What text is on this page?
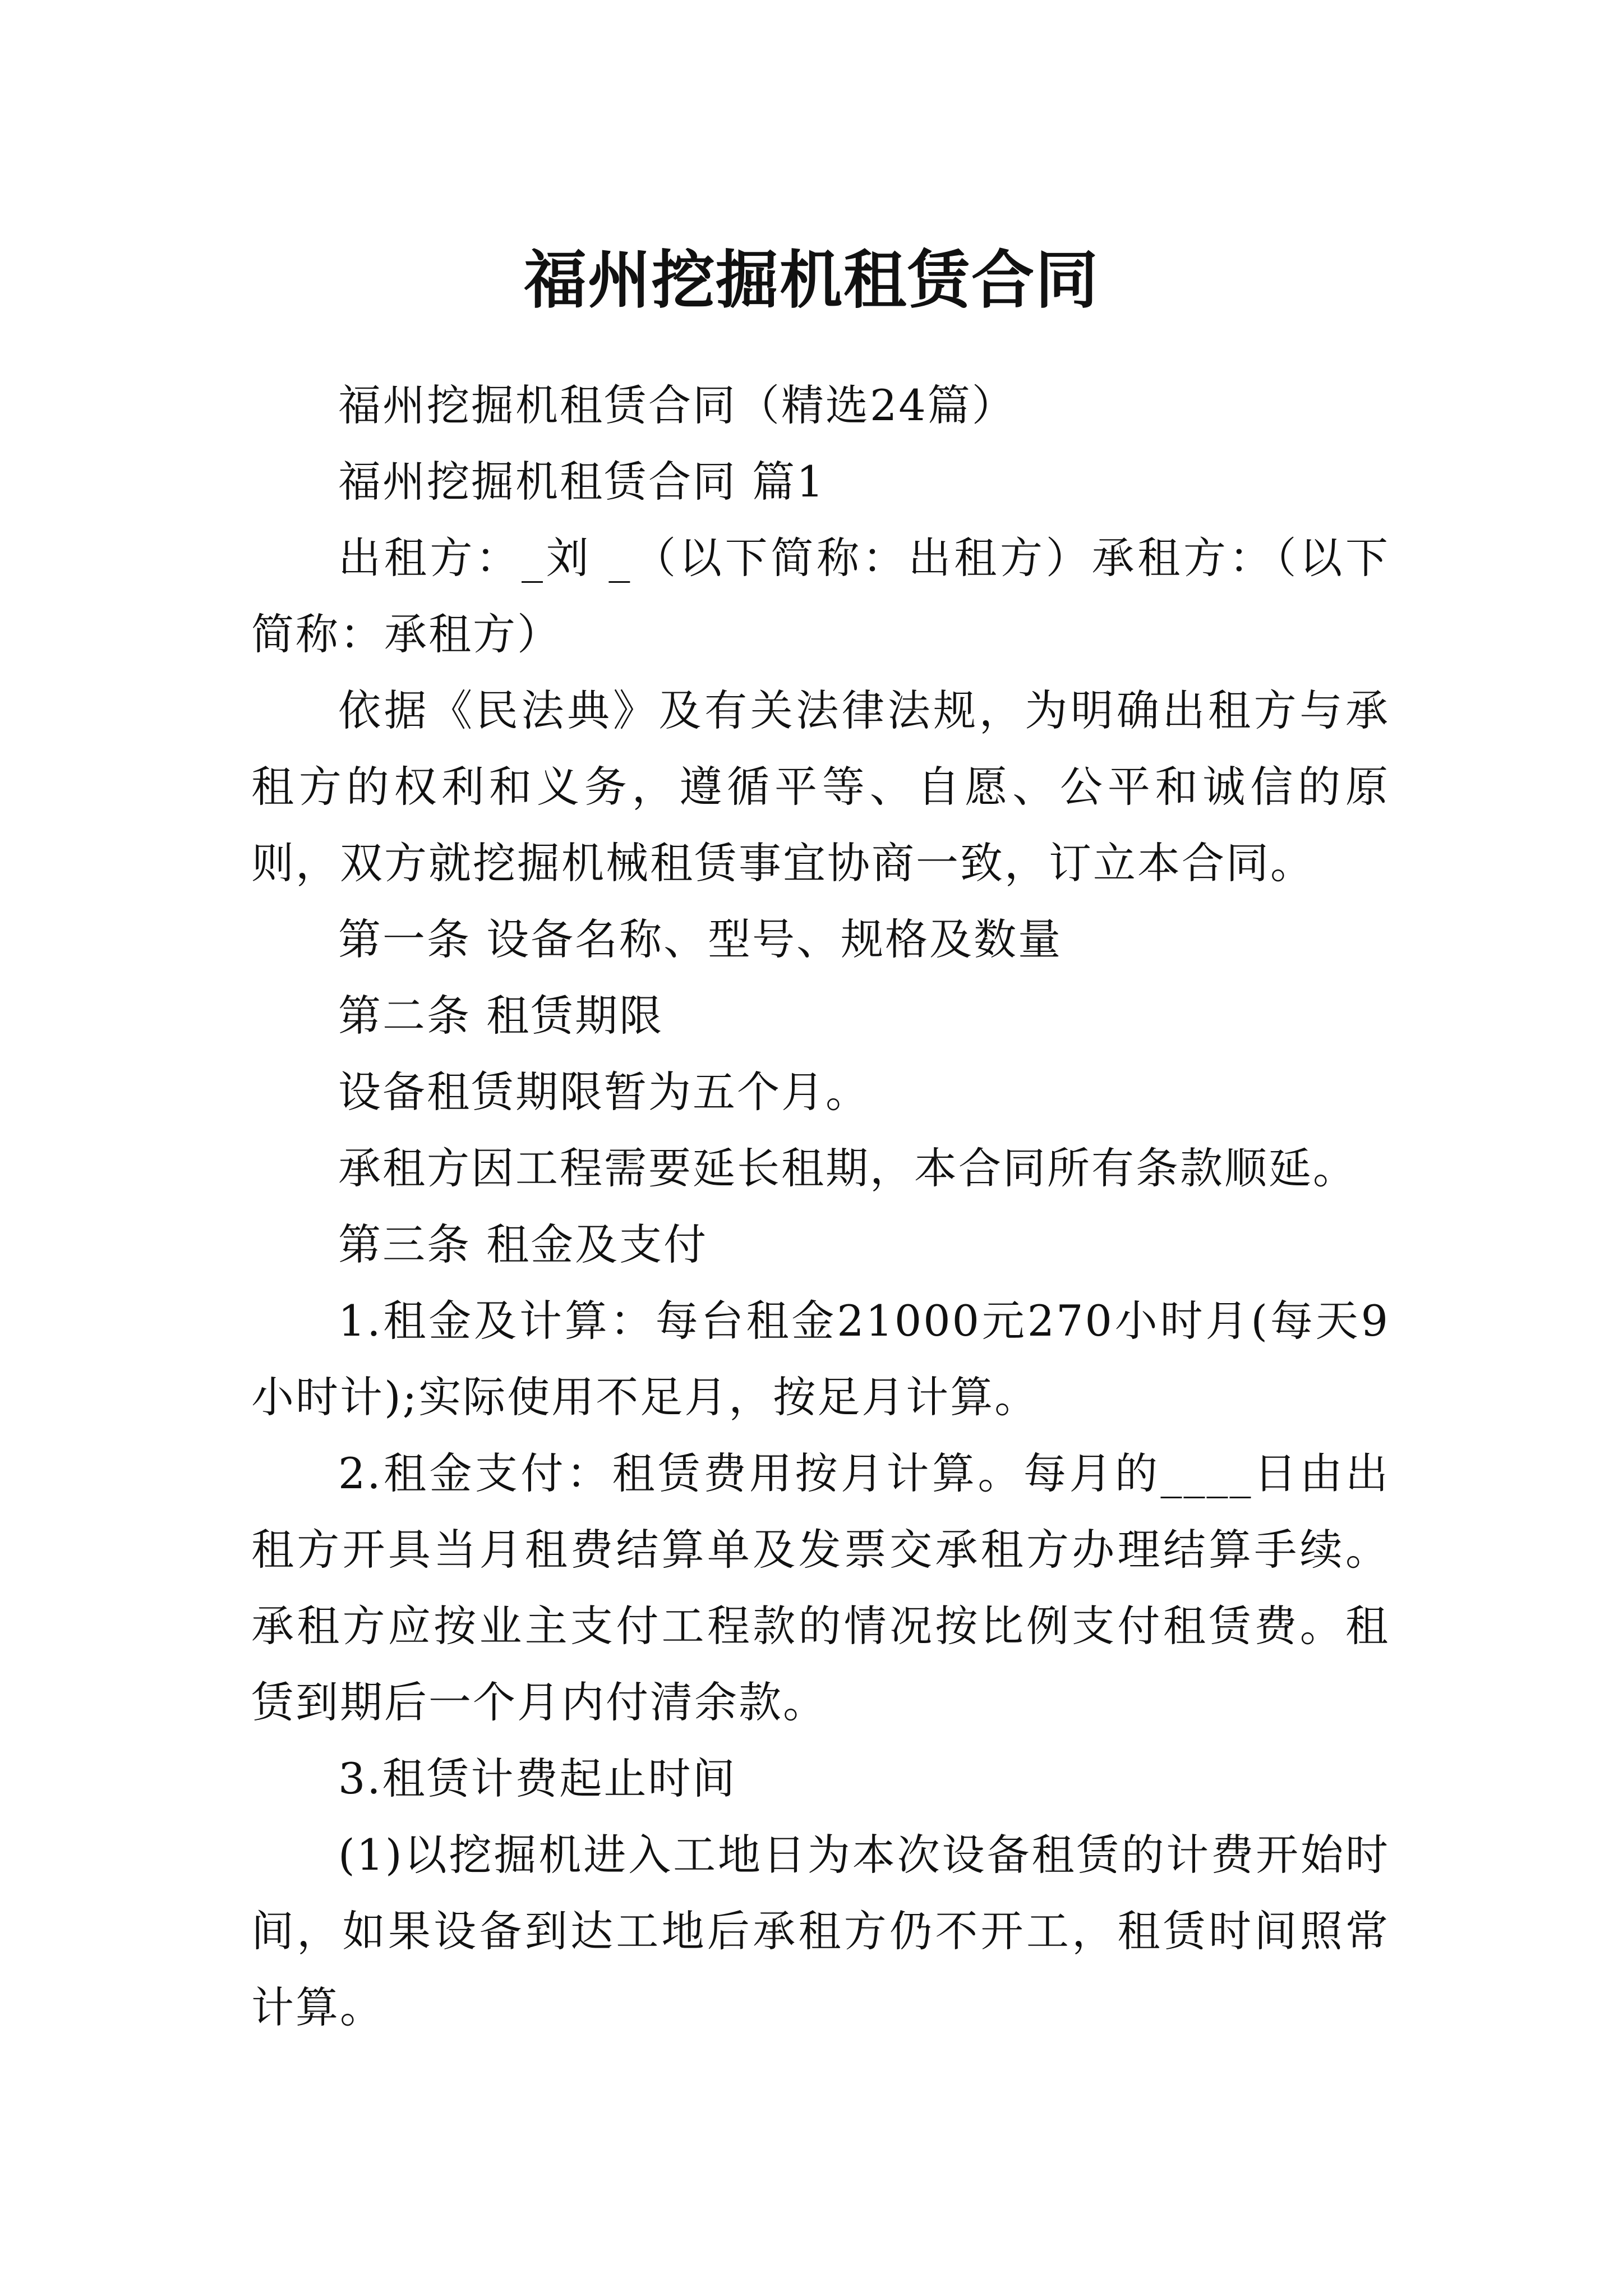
福州挖掘机租赁合同

福州挖掘机租赁合同（精选24篇）

福州挖掘机租赁合同 篇1

出租方：_刘 _（以下简称：出租方）承租方：（以下简称：承租方）

依据《民法典》及有关法律法规，为明确出租方与承租方的权利和义务，遵循平等、自愿、公平和诚信的原则，双方就挖掘机械租赁事宜协商一致，订立本合同。

第一条 设备名称、型号、规格及数量

第二条 租赁期限

设备租赁期限暂为五个月。

承租方因工程需要延长租期，本合同所有条款顺延。

第三条 租金及支付

1.租金及计算：每台租金21000元270小时月(每天9小时计);实际使用不足月，按足月计算。

2.租金支付：租赁费用按月计算。每月的____日由出租方开具当月租费结算单及发票交承租方办理结算手续。承租方应按业主支付工程款的情况按比例支付租赁费。租赁到期后一个月内付清余款。

3.租赁计费起止时间

(1)以挖掘机进入工地日为本次设备租赁的计费开始时间，如果设备到达工地后承租方仍不开工，租赁时间照常计算。
